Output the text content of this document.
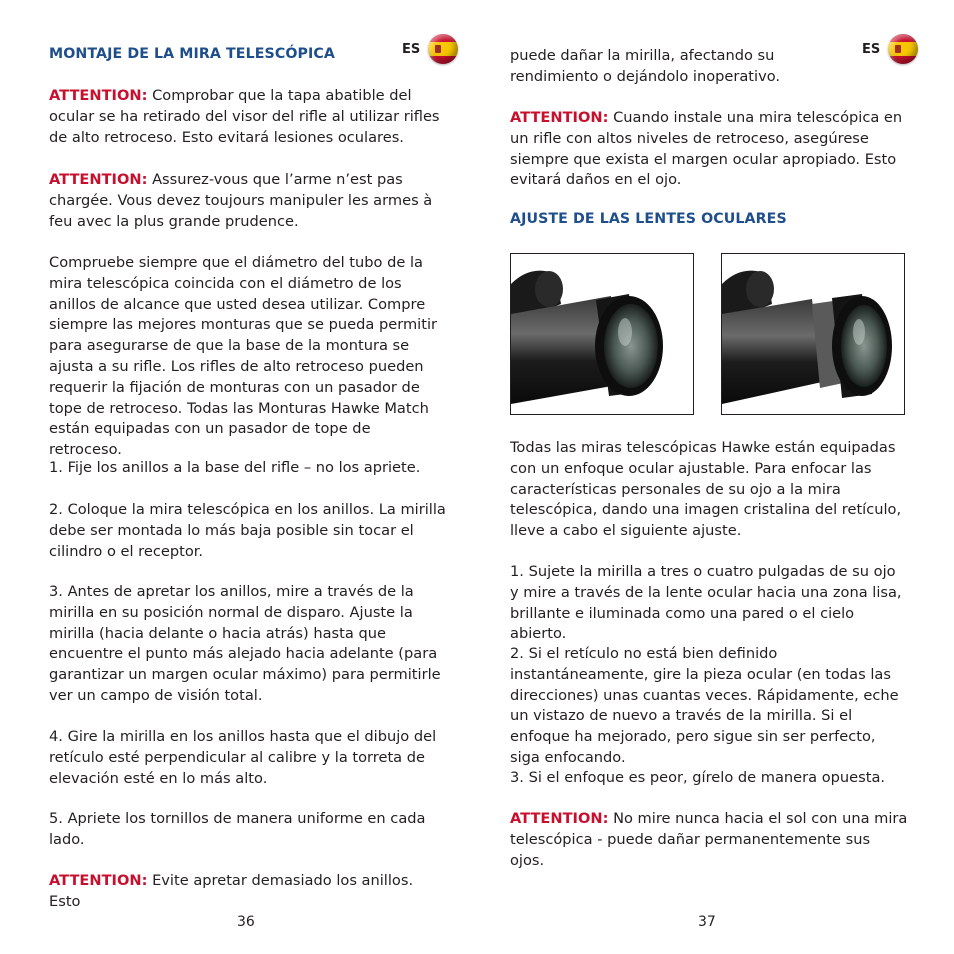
ES

MONTAJE DE LA MIRA TELESCÓPICA

ATTENTION: Comprobar que la tapa abatible del ocular se ha retirado del visor del rifle al utilizar rifles de alto retroceso. Esto evitará lesiones oculares.

ATTENTION: Assurez-vous que l’arme n’est pas chargée. Vous devez toujours manipuler les armes à feu avec la plus grande prudence.

Compruebe siempre que el diámetro del tubo de la mira telescópica coincida con el diámetro de los anillos de alcance que usted desea utilizar. Compre siempre las mejores monturas que se pueda permitir para asegurarse de que la base de la montura se ajusta a su rifle. Los rifles de alto retroceso pueden requerir la fijación de monturas con un pasador de tope de retroceso. Todas las Monturas Hawke Match están equipadas con un pasador de tope de retroceso.

1. Fije los anillos a la base del rifle – no los apriete.

2. Coloque la mira telescópica en los anillos. La mirilla debe ser montada lo más baja posible sin tocar el cilindro o el receptor.

3. Antes de apretar los anillos, mire a través de la mirilla en su posición normal de disparo. Ajuste la mirilla (hacia delante o hacia atrás) hasta que encuentre el punto más alejado hacia adelante (para garantizar un margen ocular máximo) para permitirle ver un campo de visión total.

4. Gire la mirilla en los anillos hasta que el dibujo del retículo esté perpendicular al calibre y la torreta de elevación esté en lo más alto.

5. Apriete los tornillos de manera uniforme en cada lado.

ATTENTION: Evite apretar demasiado los anillos. Esto

36
ES

puede dañar la mirilla, afectando su rendimiento o dejándolo inoperativo.

ATTENTION: Cuando instale una mira telescópica en un rifle con altos niveles de retroceso, asegúrese siempre que exista el margen ocular apropiado. Esto evitará daños en el ojo.

AJUSTE DE LAS LENTES OCULARES

Todas las miras telescópicas Hawke están equipadas con un enfoque ocular ajustable. Para enfocar las características personales de su ojo a la mira telescópica, dando una imagen cristalina del retículo, lleve a cabo el siguiente ajuste.

1. Sujete la mirilla a tres o cuatro pulgadas de su ojo y mire a través de la lente ocular hacia una zona lisa, brillante e iluminada como una pared o el cielo abierto.

2. Si el retículo no está bien definido instantáneamente, gire la pieza ocular (en todas las direcciones) unas cuantas veces. Rápidamente, eche un vistazo de nuevo a través de la mirilla. Si el enfoque ha mejorado, pero sigue sin ser perfecto, siga enfocando.

3. Si el enfoque es peor, gírelo de manera opuesta.

ATTENTION: No mire nunca hacia el sol con una mira telescópica - puede dañar permanentemente sus ojos.

37
